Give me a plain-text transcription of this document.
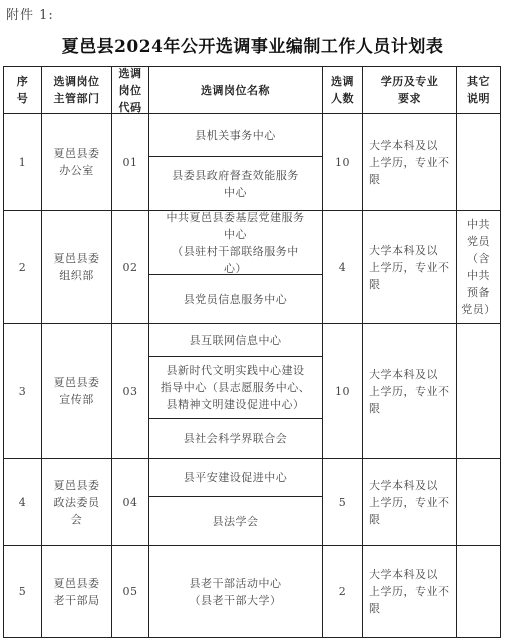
附件 1:
夏邑县2024年公开选调事业编制工作人员计划表
序
号
选调岗位
主管部门
选调
岗位
代码
选调岗位名称
选调
人数
学历及专业
要求
其它
说明
1
夏邑县委
办公室
01
县机关事务中心
县委县政府督查效能服务
中心
10
大学本科及以
上学历，专业不
限
2
夏邑县委
组织部
02
中共夏邑县委基层党建服务
中心
（县驻村干部联络服务中
心）
县党员信息服务中心
4
大学本科及以
上学历，专业不
限
中共
党员
（含
中共
预备
党员）
3
夏邑县委
宣传部
03
县互联网信息中心
县新时代文明实践中心建设
指导中心（县志愿服务中心、
县精神文明建设促进中心）
县社会科学界联合会
10
大学本科及以
上学历，专业不
限
4
夏邑县委
政法委员
会
04
县平安建设促进中心
县法学会
5
大学本科及以
上学历，专业不
限
5
夏邑县委
老干部局
05
县老干部活动中心
（县老干部大学）
2
大学本科及以
上学历，专业不
限
